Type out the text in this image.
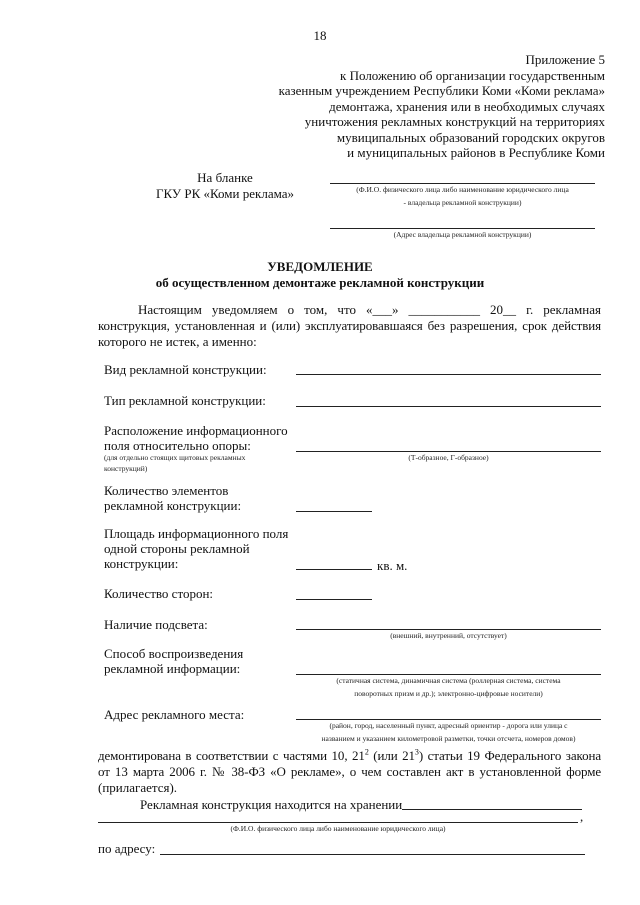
18
Приложение 5
к Положению об организации государственным
казенным учреждением Республики Коми «Коми реклама»
демонтажа, хранения или в необходимых случаях
уничтожения рекламных конструкций на территориях
мувиципальных образований городских округов
и муниципальных районов в Республике Коми
На бланке
ГКУ РК «Коми реклама»	(Ф.И.О. физического лица либо наименование юридического лица
- владельца рекламной конструкции)
(Адрес владельца рекламной конструкции)
УВЕДОМЛЕНИЕ
об осуществленном демонтаже рекламной конструкции
Настоящим уведомляем о том, что «___» ___________ 20__ г. рекламная
конструкция, установленная и (или) эксплуатировавшаяся без разрешения, срок действия
которого не истек, а именно:
Вид рекламной конструкции:
Тип рекламной конструкции:
Расположение информационного
поля относительно опоры:
(для отдельно стоящих щитовых рекламных
конструкций)
(Т-образное, Г-образное)
Количество элементов
рекламной конструкции:
Площадь информационного поля
одной стороны рекламной
конструкции:	кв. м.
Количество сторон:
Наличие подсвета:
(внешний, внутренний, отсутствует)
Способ воспроизведения
рекламной информации:
(статичная система, динамичная система (роллерная система, система
поворотных призм и др.); электронно-цифровые носители)
Адрес рекламного места:
(район, город, населенный пункт, адресный ориентир - дорога или улица с
названием и указанием километровой разметки, точки отсчета, номеров домов)
демонтирована в соответствии с частями 10, $21^2$ (или $21^3$) статьи 19 Федерального закона
от 13 марта 2006 г. № 38-ФЗ «О рекламе», о чем составлен акт в установленной форме
(прилагается).
Рекламная конструкция находится на хранении
,
(Ф.И.О. физического лица либо наименование юридического лица)
по адресу:
